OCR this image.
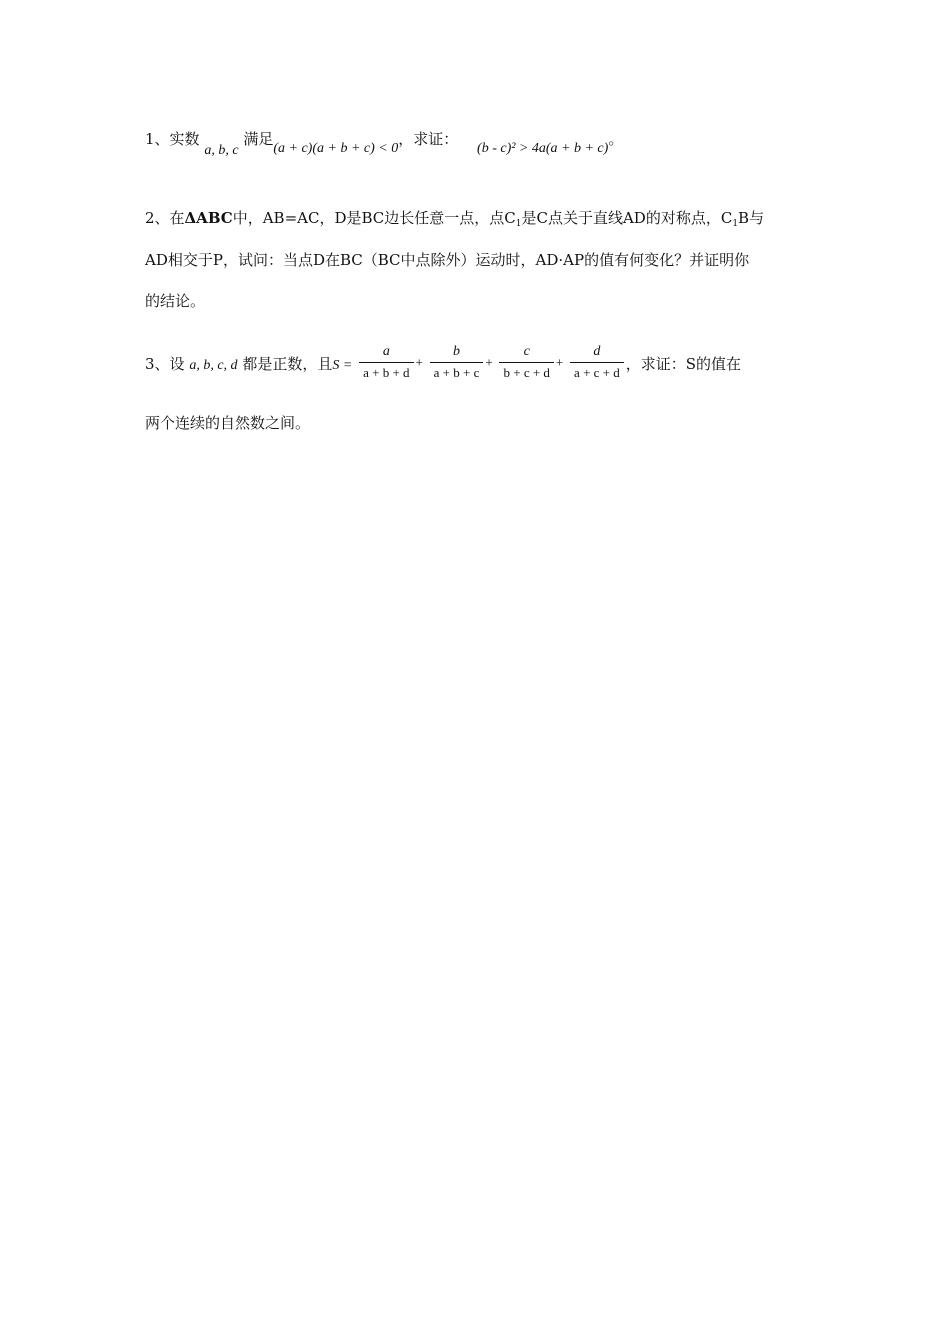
1、实数 a, b, c 满足(a + c)(a + b + c) < 0，求证： (b - c)² > 4a(a + b + c)。
2、在ΔABC中，AB=AC，D是BC边长任意一点，点$C_1$是C点关于直线AD的对称点，$C_1B$与
AD相交于P，试问：当点D在BC（BC中点除外）运动时，AD·AP的值有何变化？并证明你
的结论。
3、设 a, b, c, d 都是正数，且$S = \frac{a}{a + b + d} + \frac{b}{a + b + c} + \frac{c}{b + c + d} + \frac{d}{a + c + d}$ ，求证：S的值在
两个连续的自然数之间。
